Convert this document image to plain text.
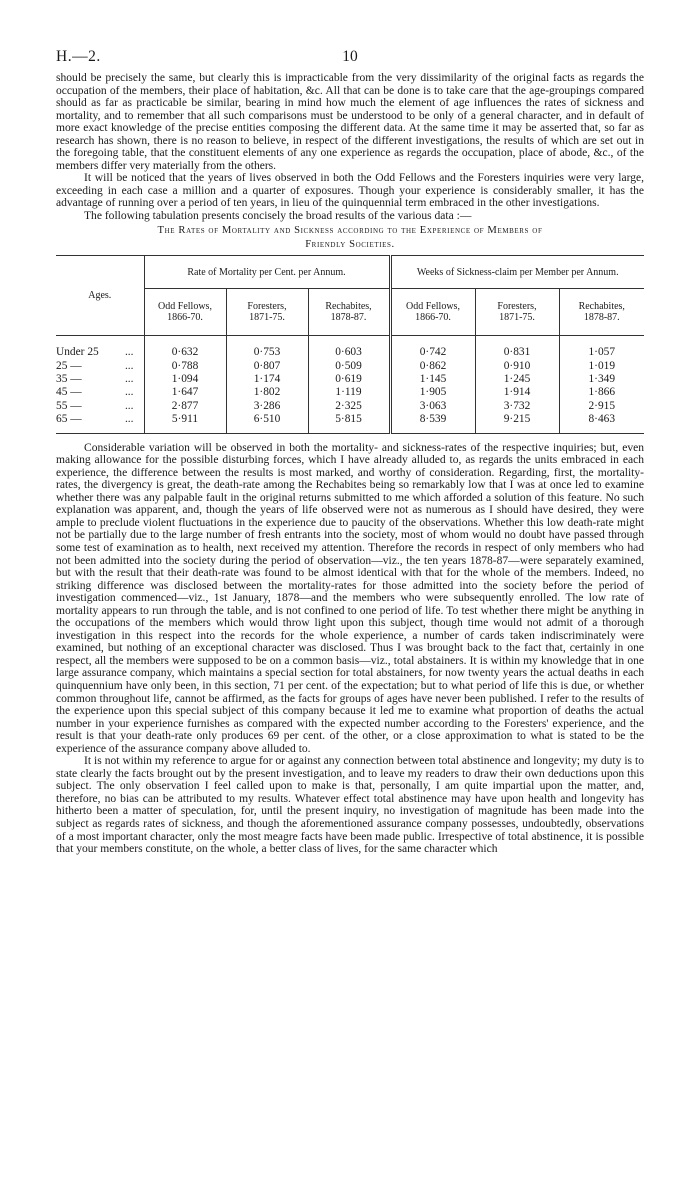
H.—2.	10

should be precisely the same, but clearly this is impracticable from the very dissimilarity of the original facts as regards the occupation of the members, their place of habitation, &c. All that can be done is to take care that the age-groupings compared should as far as practicable be similar, bearing in mind how much the element of age influences the rates of sickness and mortality, and to remember that all such comparisons must be understood to be only of a general character, and in default of more exact knowledge of the precise entities composing the different data. At the same time it may be asserted that, so far as research has shown, there is no reason to believe, in respect of the different investigations, the results of which are set out in the foregoing table, that the constituent elements of any one experience as regards the occupation, place of abode, &c., of the members differ very materially from the others.

It will be noticed that the years of lives observed in both the Odd Fellows and the Foresters inquiries were very large, exceeding in each case a million and a quarter of exposures. Though your experience is considerably smaller, it has the advantage of running over a period of ten years, in lieu of the quinquennial term embraced in the other investigations.

The following tabulation presents concisely the broad results of the various data :—

The Rates of Mortality and Sickness according to the Experience of Members of
Friendly Societies.
Ages.	Rate of Mortality per Cent. per Annum.			Weeks of Sickness-claim per Member per Annum.		
	Odd Fellows,
1866-70.	Foresters,
1871-75.	Rechabites,
1878-87.	Odd Fellows,
1866-70.	Foresters,
1871-75.	Rechabites,
1878-87.

Under 25 ...	0·632	0·753	0·603	0·742	0·831	1·057

25 — ...	0·788	0·807	0·509	0·862	0·910	1·019

35 — ...	1·094	1·174	0·619	1·145	1·245	1·349

45 — ...	1·647	1·802	1·119	1·905	1·914	1·866

55 — ...	2·877	3·286	2·325	3·063	3·732	2·915

65 — ...	5·911	6·510	5·815	8·539	9·215	8·463

Considerable variation will be observed in both the mortality- and sickness-rates of the respective inquiries; but, even making allowance for the possible disturbing forces, which I have already alluded to, as regards the units embraced in each experience, the difference between the results is most marked, and worthy of consideration. Regarding, first, the mortality-rates, the divergency is great, the death-rate among the Rechabites being so remarkably low that I was at once led to examine whether there was any palpable fault in the original returns submitted to me which afforded a solution of this feature. No such explanation was apparent, and, though the years of life observed were not as numerous as I should have desired, they were ample to preclude violent fluctuations in the experience due to paucity of the observations. Whether this low death-rate might not be partially due to the large number of fresh entrants into the society, most of whom would no doubt have passed through some test of examination as to health, next received my attention. Therefore the records in respect of only members who had not been admitted into the society during the period of observation—viz., the ten years 1878-87—were separately examined, but with the result that their death-rate was found to be almost identical with that for the whole of the members. Indeed, no striking difference was disclosed between the mortality-rates for those admitted into the society before the period of investigation commenced—viz., 1st January, 1878—and the members who were subsequently enrolled. The low rate of mortality appears to run through the table, and is not confined to one period of life. To test whether there might be anything in the occupations of the members which would throw light upon this subject, though time would not admit of a thorough investigation in this respect into the records for the whole experience, a number of cards taken indiscriminately were examined, but nothing of an exceptional character was disclosed. Thus I was brought back to the fact that, certainly in one respect, all the members were supposed to be on a common basis—viz., total abstainers. It is within my knowledge that in one large assurance company, which maintains a special section for total abstainers, for now twenty years the actual deaths in each quinquennium have only been, in this section, 71 per cent. of the expectation; but to what period of life this is due, or whether common throughout life, cannot be affirmed, as the facts for groups of ages have never been published. I refer to the results of the experience upon this special subject of this company because it led me to examine what proportion of deaths the actual number in your experience furnishes as compared with the expected number according to the Foresters' experience, and the result is that your death-rate only produces 69 per cent. of the other, or a close approximation to what is stated to be the experience of the assurance company above alluded to.

It is not within my reference to argue for or against any connection between total abstinence and longevity; my duty is to state clearly the facts brought out by the present investigation, and to leave my readers to draw their own deductions upon this subject. The only observation I feel called upon to make is that, personally, I am quite impartial upon the matter, and, therefore, no bias can be attributed to my results. Whatever effect total abstinence may have upon health and longevity has hitherto been a matter of speculation, for, until the present inquiry, no investigation of magnitude has been made into the subject as regards rates of sickness, and though the aforementioned assurance company possesses, undoubtedly, observations of a most important character, only the most meagre facts have been made public. Irrespective of total abstinence, it is possible that your members constitute, on the whole, a better class of lives, for the same character which
